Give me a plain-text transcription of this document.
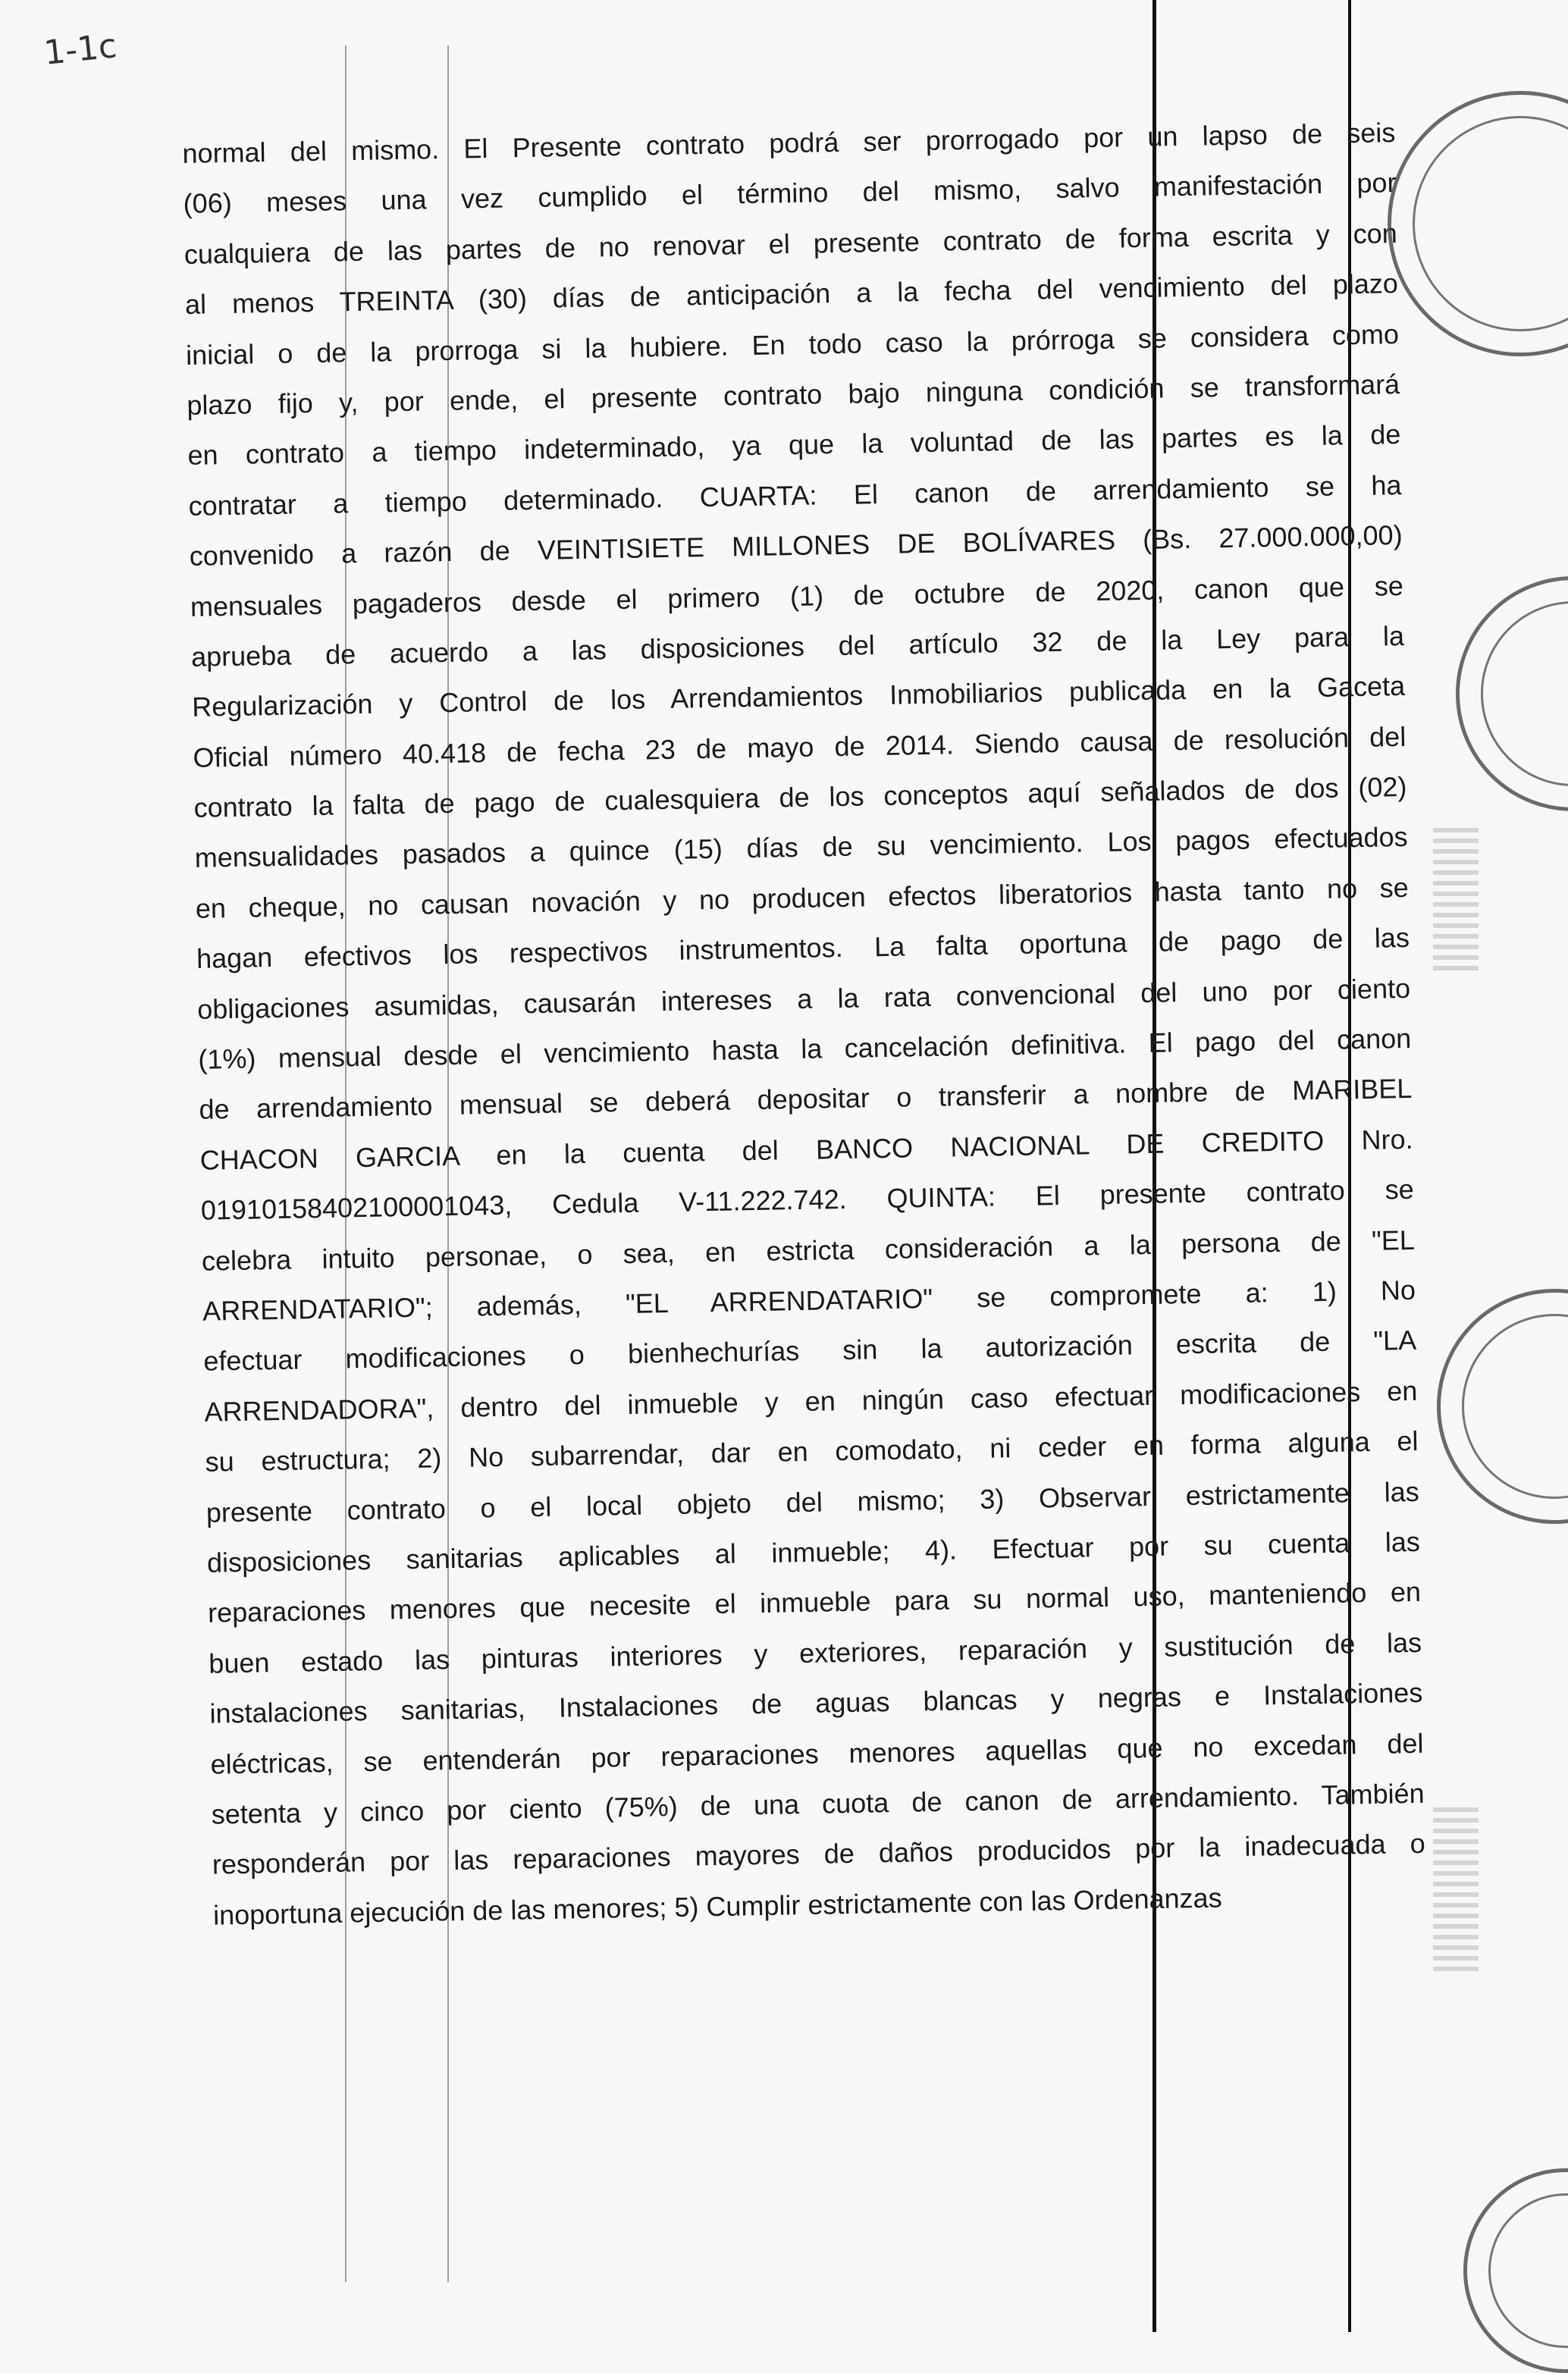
1-1c
normal del mismo. El Presente contrato podrá ser prorrogado por un lapso de seis
(06) meses una vez cumplido el término del mismo, salvo manifestación por
cualquiera de las partes de no renovar el presente contrato de forma escrita y con
al menos TREINTA (30) días de anticipación a la fecha del vencimiento del plazo
inicial o de la prorroga si la hubiere. En todo caso la prórroga se considera como
plazo fijo y, por ende, el presente contrato bajo ninguna condición se transformará
en contrato a tiempo indeterminado, ya que la voluntad de las partes es la de
contratar a tiempo determinado. CUARTA: El canon de arrendamiento se ha
convenido a razón de VEINTISIETE MILLONES DE BOLÍVARES (Bs. 27.000.000,00)
mensuales pagaderos desde el primero (1) de octubre de 2020, canon que se
aprueba de acuerdo a las disposiciones del artículo 32 de la Ley para la
Regularización y Control de los Arrendamientos Inmobiliarios publicada en la Gaceta
Oficial número 40.418 de fecha 23 de mayo de 2014. Siendo causa de resolución del
contrato la falta de pago de cualesquiera de los conceptos aquí señalados de dos (02)
mensualidades pasados a quince (15) días de su vencimiento. Los pagos efectuados
en cheque, no causan novación y no producen efectos liberatorios hasta tanto no se
hagan efectivos los respectivos instrumentos. La falta oportuna de pago de las
obligaciones asumidas, causarán intereses a la rata convencional del uno por ciento
(1%) mensual desde el vencimiento hasta la cancelación definitiva. El pago del canon
de arrendamiento mensual se deberá depositar o transferir a nombre de MARIBEL
CHACON GARCIA en la cuenta del BANCO NACIONAL DE CREDITO Nro.
01910158402100001043, Cedula V-11.222.742. QUINTA: El presente contrato se
celebra intuito personae, o sea, en estricta consideración a la persona de "EL
ARRENDATARIO"; además, "EL ARRENDATARIO" se compromete a: 1) No
efectuar modificaciones o bienhechurías sin la autorización escrita de "LA
ARRENDADORA", dentro del inmueble y en ningún caso efectuar modificaciones en
su estructura; 2) No subarrendar, dar en comodato, ni ceder en forma alguna el
presente contrato o el local objeto del mismo; 3) Observar estrictamente las
disposiciones sanitarias aplicables al inmueble; 4). Efectuar por su cuenta las
reparaciones menores que necesite el inmueble para su normal uso, manteniendo en
buen estado las pinturas interiores y exteriores, reparación y sustitución de las
instalaciones sanitarias, Instalaciones de aguas blancas y negras e Instalaciones
eléctricas, se entenderán por reparaciones menores aquellas que no excedan del
setenta y cinco por ciento (75%) de una cuota de canon de arrendamiento. También
responderán por las reparaciones mayores de daños producidos por la inadecuada o
inoportuna ejecución de las menores; 5) Cumplir estrictamente con las Ordenanzas
